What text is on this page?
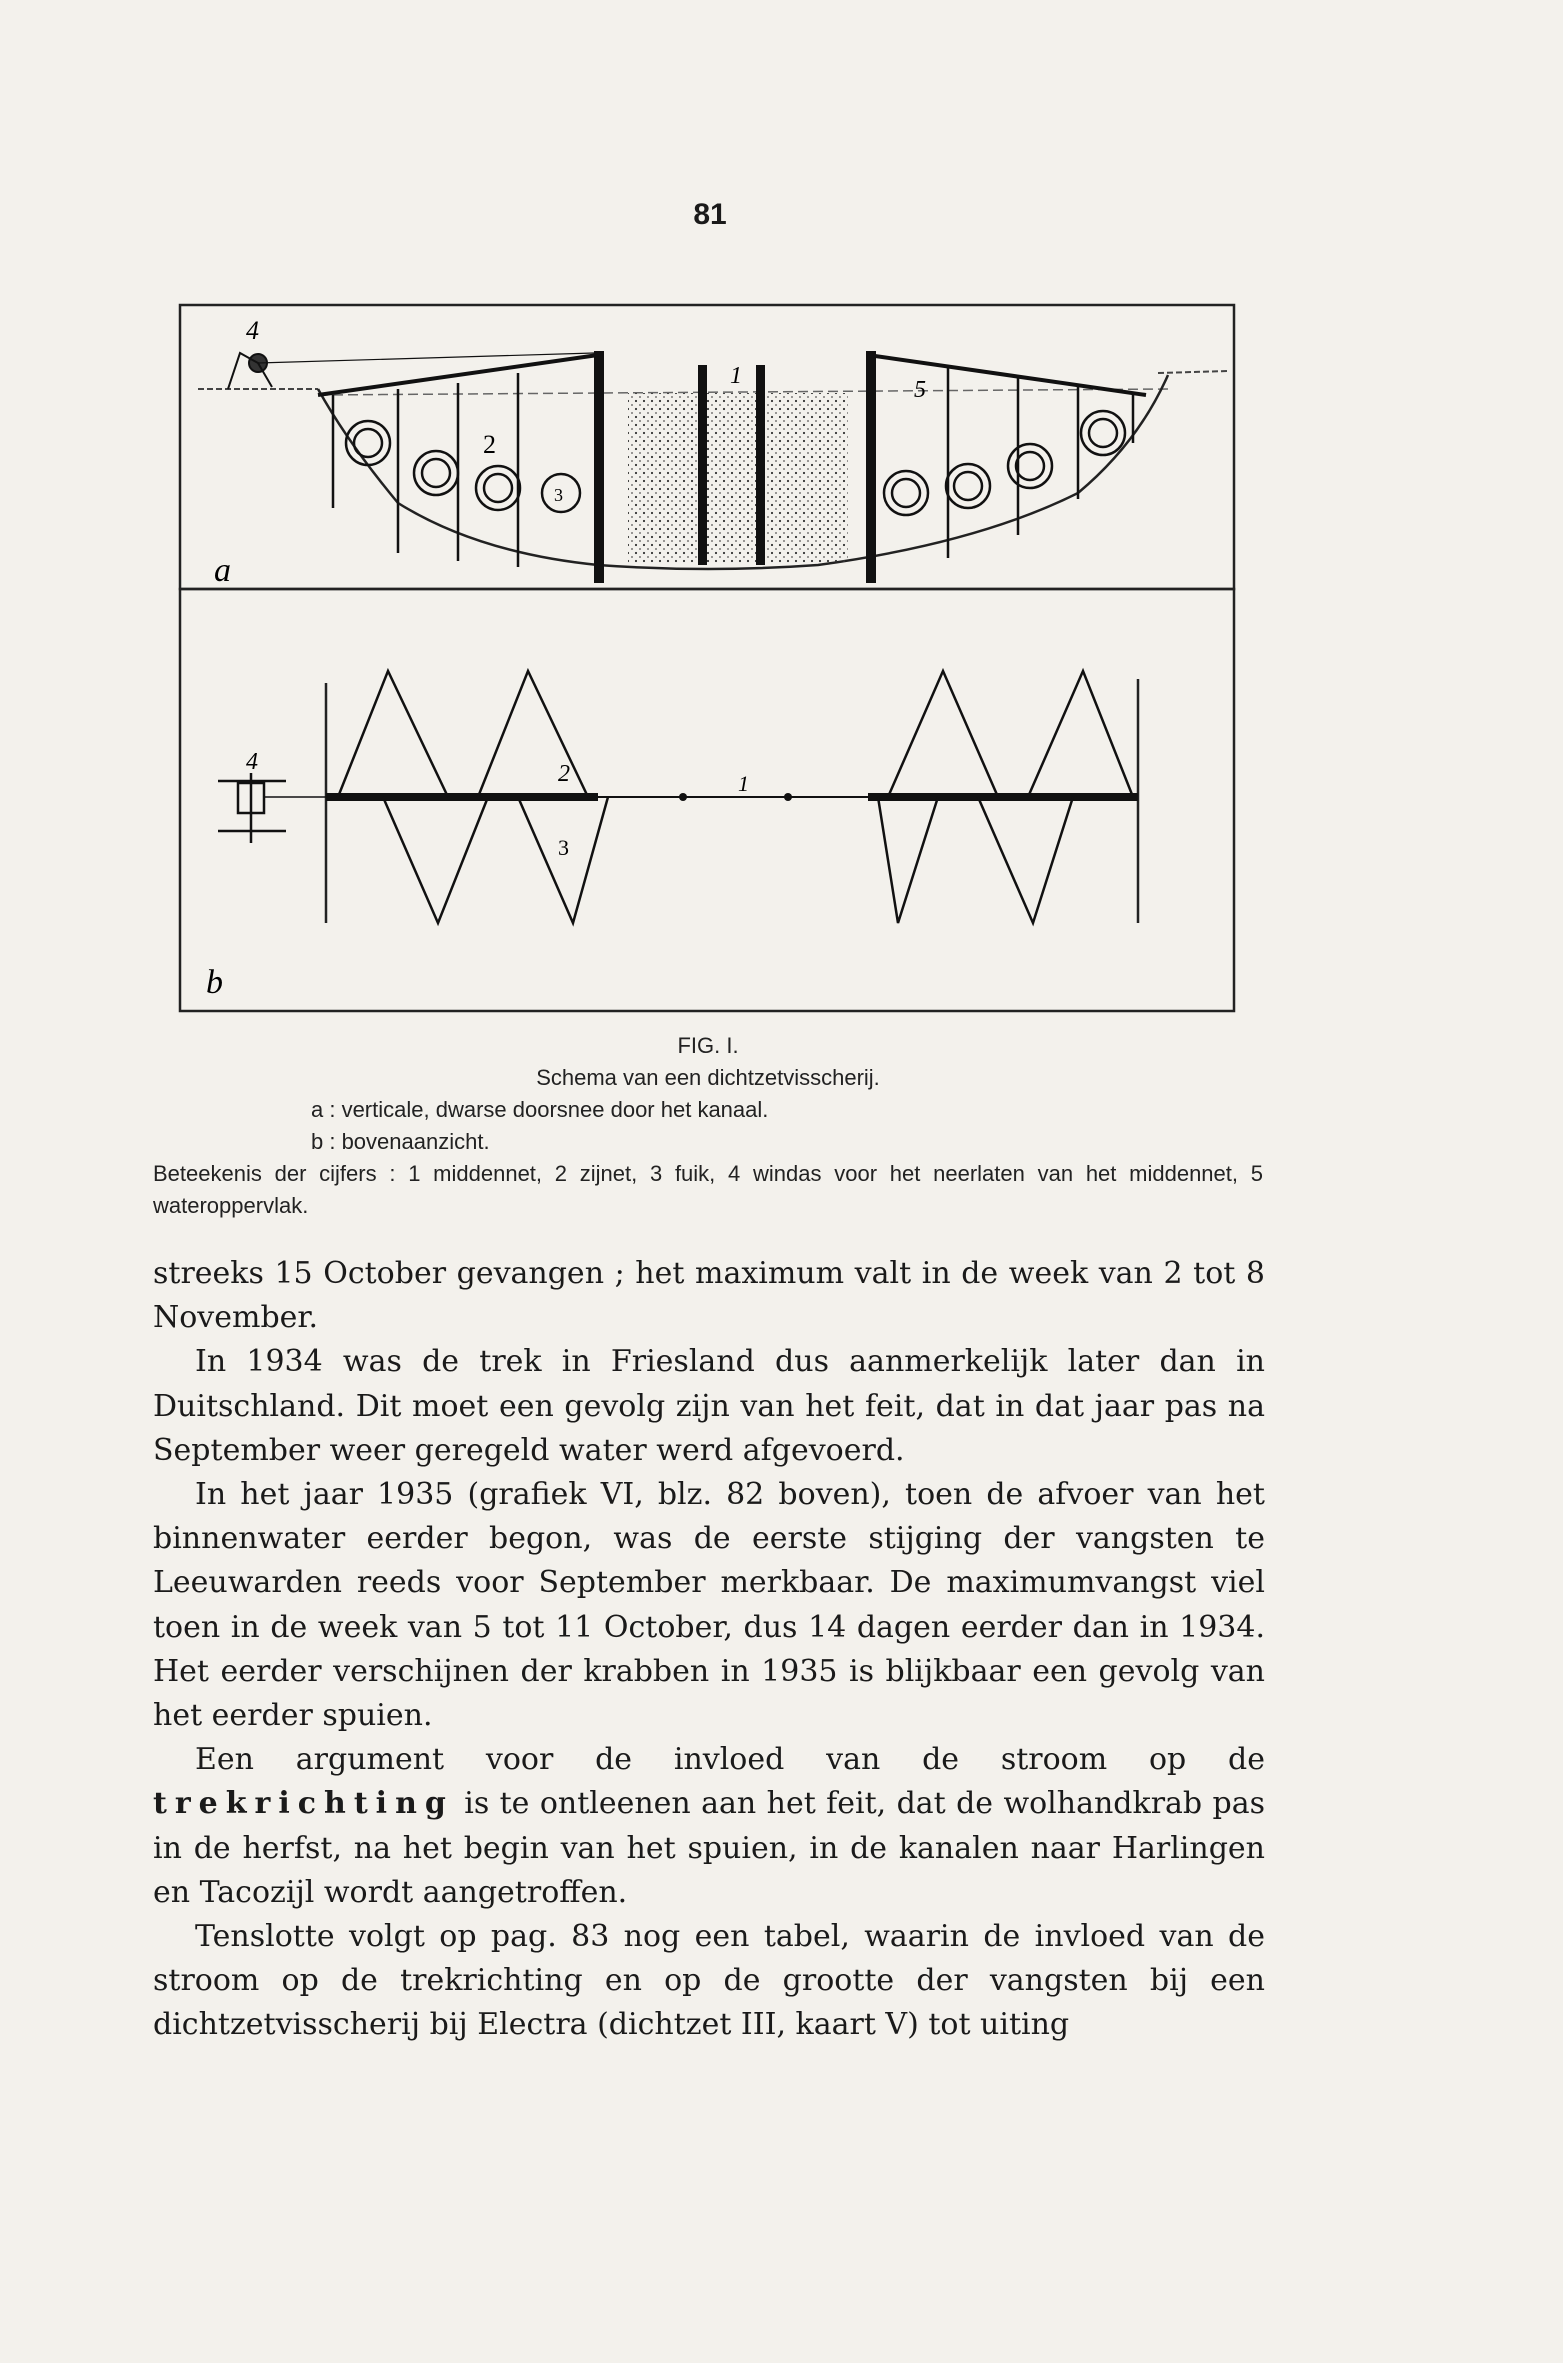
81
4
2
3
1
5
a
4	2
3
1
b
FIG. I.
Schema van een dichtzetvisscherij.
a : verticale, dwarse doorsnee door het kanaal.
b : bovenaanzicht.
Beteekenis der cijfers : 1 middennet, 2 zijnet, 3 fuik, 4 windas voor het neerlaten van het middennet, 5 wateroppervlak.

streeks 15 October gevangen ; het maximum valt in de week van 2 tot 8 November.

In 1934 was de trek in Friesland dus aanmerkelijk later dan in Duitschland. Dit moet een gevolg zijn van het feit, dat in dat jaar pas na September weer geregeld water werd afgevoerd.

In het jaar 1935 (grafiek VI, blz. 82 boven), toen de afvoer van het binnenwater eerder begon, was de eerste stijging der vangsten te Leeuwarden reeds voor September merkbaar. De maximumvangst viel toen in de week van 5 tot 11 October, dus 14 dagen eerder dan in 1934. Het eerder verschijnen der krabben in 1935 is blijkbaar een gevolg van het eerder spuien.

Een argument voor de invloed van de stroom op de trekrichting is te ontleenen aan het feit, dat de wolhandkrab pas in de herfst, na het begin van het spuien, in de kanalen naar Harlingen en Tacozijl wordt aangetroffen.

Tenslotte volgt op pag. 83 nog een tabel, waarin de invloed van de stroom op de trekrichting en op de grootte der vangsten bij een dichtzetvisscherij bij Electra (dichtzet III, kaart V) tot uiting
